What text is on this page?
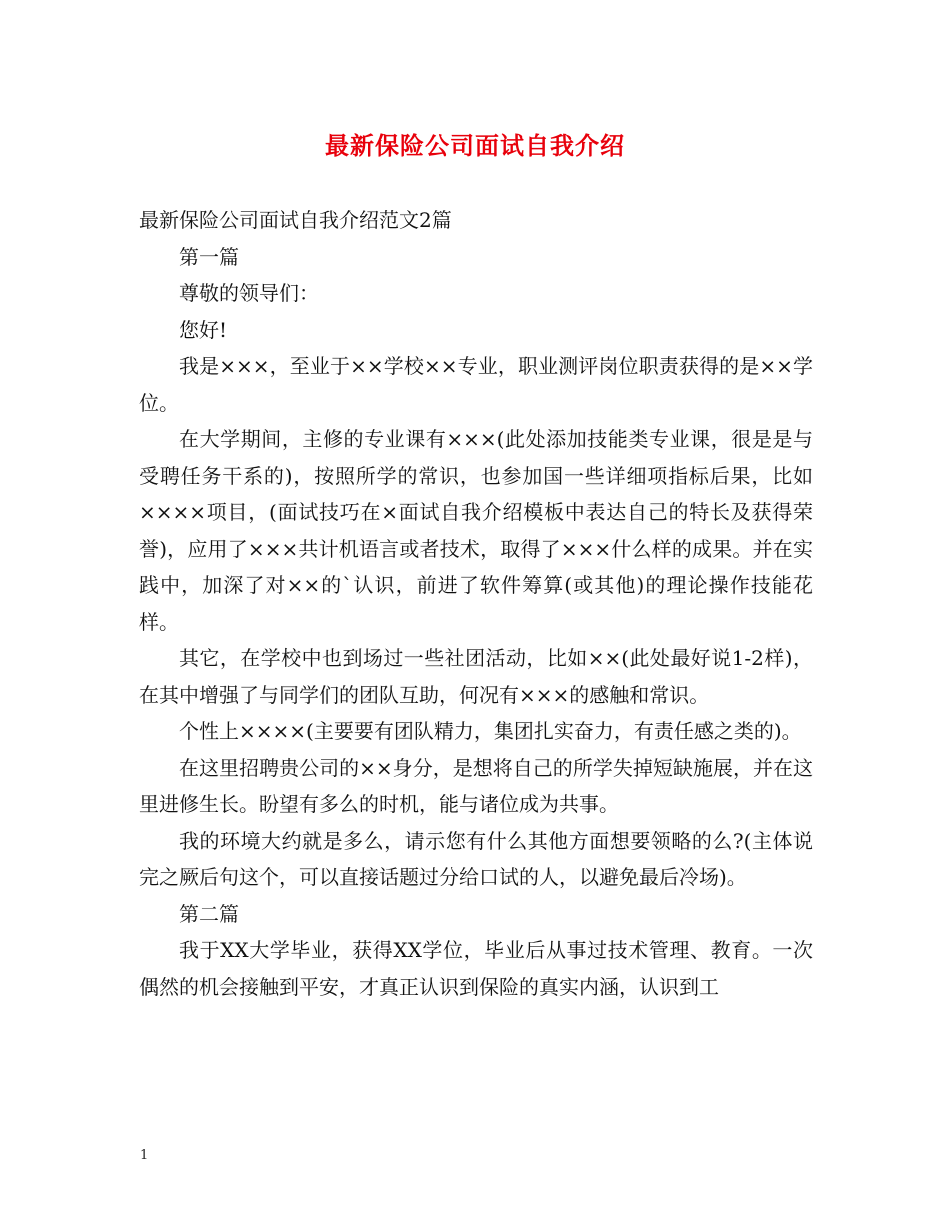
最新保险公司面试自我介绍

最新保险公司面试自我介绍范文2篇

第一篇

尊敬的领导们：

您好!

我是×××，至业于××学校××专业，职业测评岗位职责获得的是××学位。

在大学期间，主修的专业课有×××(此处添加技能类专业课，很是是与受聘任务干系的)，按照所学的常识，也参加国一些详细项指标后果，比如××××项目，(面试技巧在×面试自我介绍模板中表达自己的特长及获得荣誉)，应用了×××共计机语言或者技术，取得了×××什么样的成果。并在实践中，加深了对××的`认识，前进了软件筹算(或其他)的理论操作技能花样。

其它，在学校中也到场过一些社团活动，比如××(此处最好说1-2样)，在其中增强了与同学们的团队互助，何况有×××的感触和常识。

个性上××××(主要要有团队精力，集团扎实奋力，有责任感之类的)。

在这里招聘贵公司的××身分，是想将自己的所学失掉短缺施展，并在这里进修生长。盼望有多么的时机，能与诸位成为共事。

我的环境大约就是多么，请示您有什么其他方面想要领略的么?(主体说完之厥后句这个，可以直接话题过分给口试的人，以避免最后冷场)。

第二篇

我于XX大学毕业，获得XX学位，毕业后从事过技术管理、教育。一次偶然的机会接触到平安，才真正认识到保险的真实内涵，认识到工

1
